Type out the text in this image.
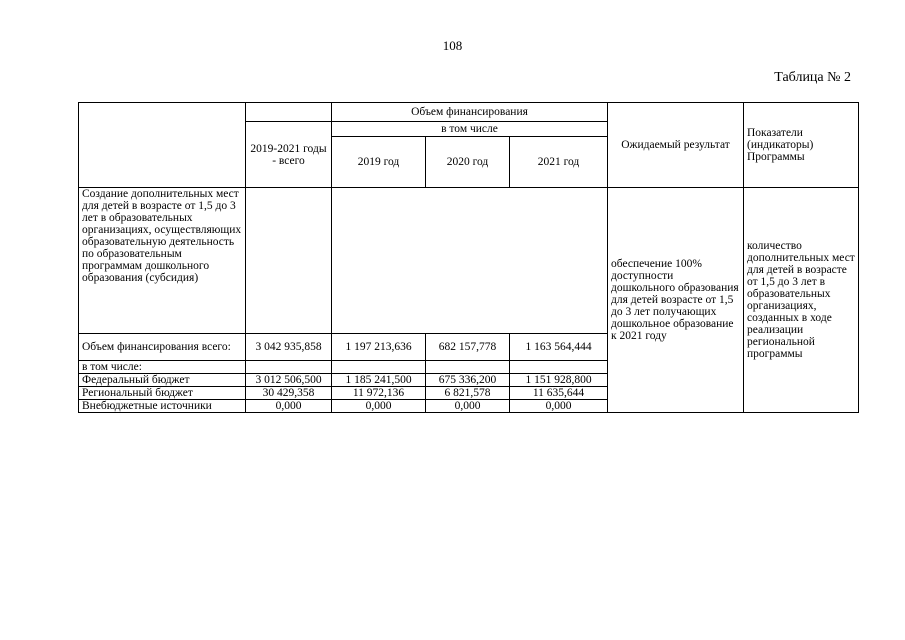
108
Таблица № 2
		Объем финансирования			Ожидаемый результат	Показатели (индикаторы) Программы
	2019-2021 годы - всего	в том числе				
		2019 год	2020 год	2021 год		
Создание дополнительных мест для детей в возрасте от 1,5 до 3 лет в образовательных организациях, осуществляющих образовательную деятельность по образовательным программам дошкольного образования (субсидия)					обеспечение 100% доступности дошкольного образования для детей возрасте от 1,5 до 3 лет получающих дошкольное образование к 2021 году	количество дополнительных мест для детей в возрасте от 1,5 до 3 лет в образовательных организациях, созданных в ходе реализации региональной программы
Объем финансирования всего:	3 042 935,858	1 197 213,636	682 157,778	1 163 564,444		
в том числе:						
Федеральный бюджет	3 012 506,500	1 185 241,500	675 336,200	1 151 928,800		
Региональный бюджет	30 429,358	11 972,136	6 821,578	11 635,644		
Внебюджетные источники	0,000	0,000	0,000	0,000		
